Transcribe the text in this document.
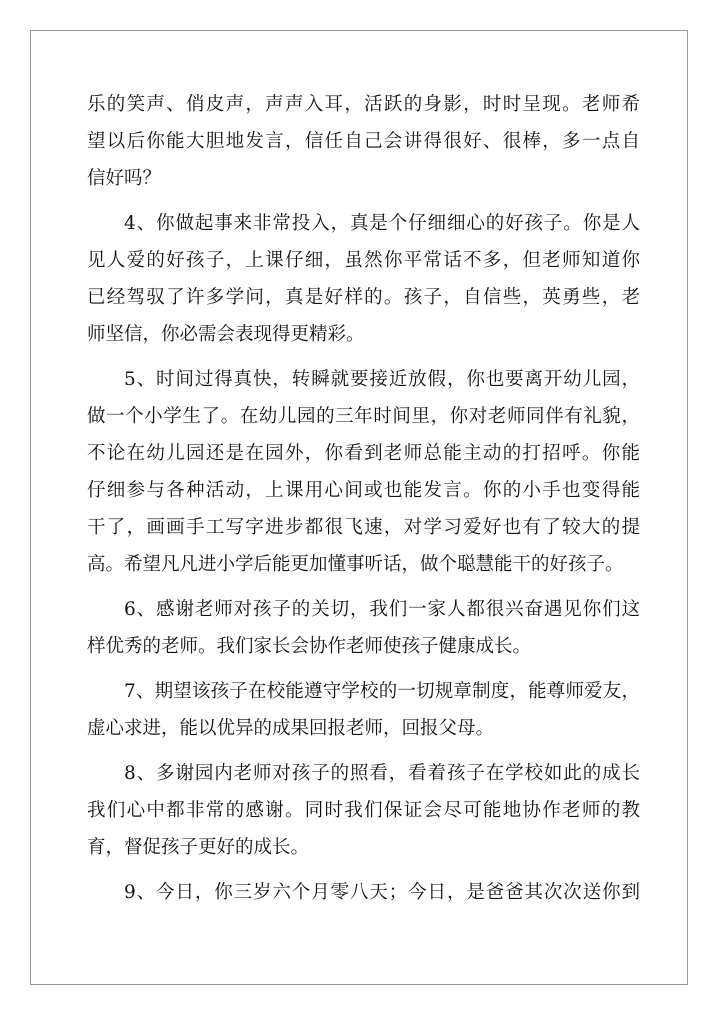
乐的笑声、俏皮声，声声入耳，活跃的身影，时时呈现。老师希
望以后你能大胆地发言，信任自己会讲得很好、很棒，多一点自
信好吗？
4、你做起事来非常投入，真是个仔细细心的好孩子。你是人
见人爱的好孩子，上课仔细，虽然你平常话不多，但老师知道你
已经驾驭了许多学问，真是好样的。孩子，自信些，英勇些，老
师坚信，你必需会表现得更精彩。
5、时间过得真快，转瞬就要接近放假，你也要离开幼儿园，
做一个小学生了。在幼儿园的三年时间里，你对老师同伴有礼貌，
不论在幼儿园还是在园外，你看到老师总能主动的打招呼。你能
仔细参与各种活动，上课用心间或也能发言。你的小手也变得能
干了，画画手工写字进步都很飞速，对学习爱好也有了较大的提
高。希望凡凡进小学后能更加懂事听话，做个聪慧能干的好孩子。
6、感谢老师对孩子的关切，我们一家人都很兴奋遇见你们这
样优秀的老师。我们家长会协作老师使孩子健康成长。
7、期望该孩子在校能遵守学校的一切规章制度，能尊师爱友，
虚心求进，能以优异的成果回报老师，回报父母。
8、多谢园内老师对孩子的照看，看着孩子在学校如此的成长
我们心中都非常的感谢。同时我们保证会尽可能地协作老师的教
育，督促孩子更好的成长。
9、今日，你三岁六个月零八天；今日，是爸爸其次次送你到
